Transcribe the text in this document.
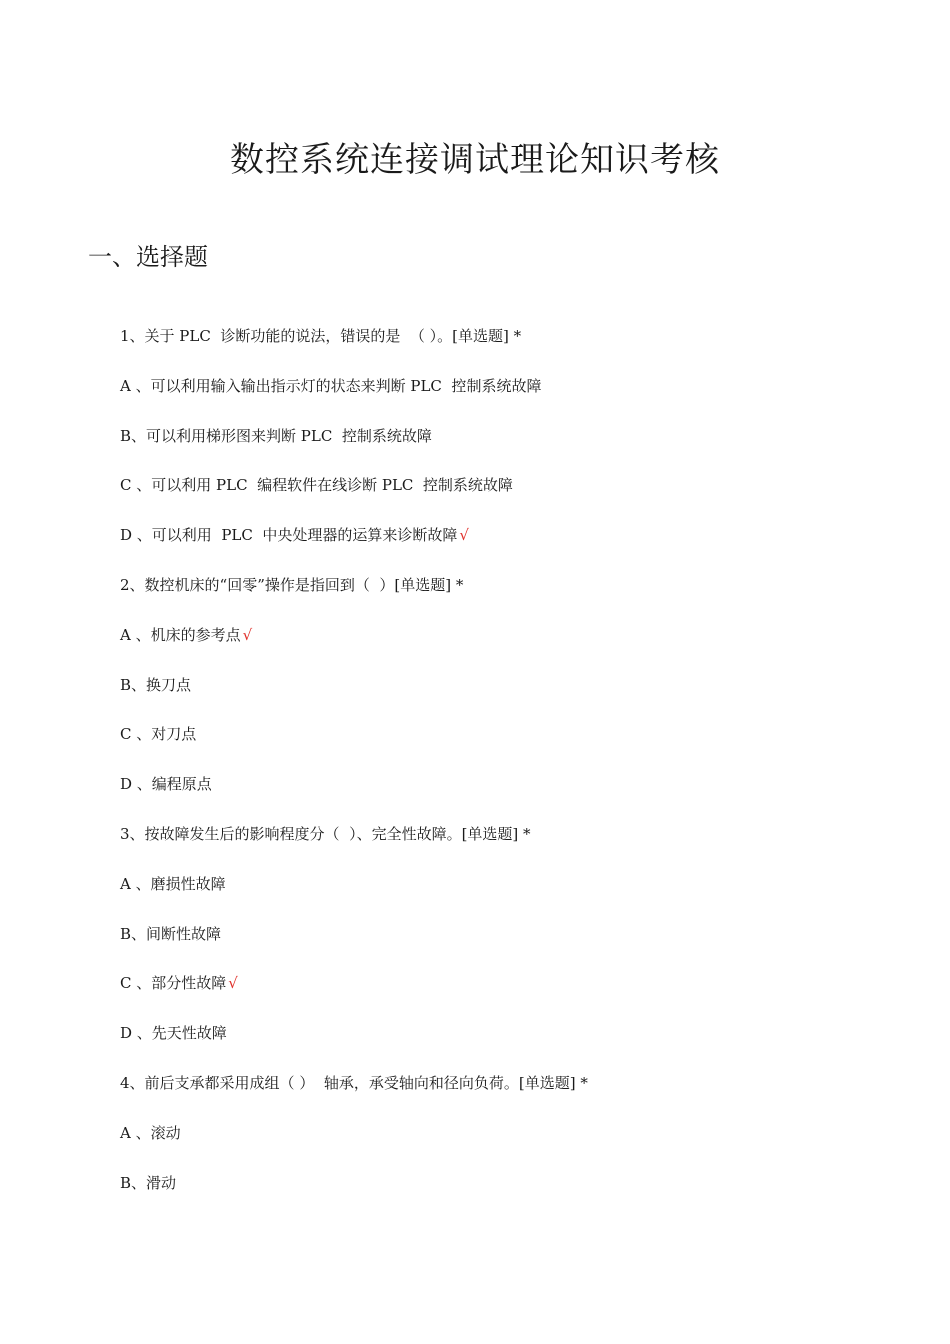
数控系统连接调试理论知识考核
一、选择题
1、关于 PLC  诊断功能的说法，错误的是  （ ）。[单选题] *
A 、可以利用输入输出指示灯的状态来判断 PLC  控制系统故障
B、可以利用梯形图来判断 PLC  控制系统故障
C 、可以利用 PLC  编程软件在线诊断 PLC  控制系统故障
D 、可以利用  PLC  中央处理器的运算来诊断故障 √
2、数控机床的“回零”操作是指回到（  ）[单选题] *
A 、机床的参考点 √
B、换刀点
C 、对刀点
D 、编程原点
3、按故障发生后的影响程度分（  ）、完全性故障。[单选题] *
A 、磨损性故障
B、间断性故障
C 、部分性故障 √
D 、先天性故障
4、前后支承都采用成组（ ）  轴承，承受轴向和径向负荷。[单选题] *
A 、滚动
B、滑动
